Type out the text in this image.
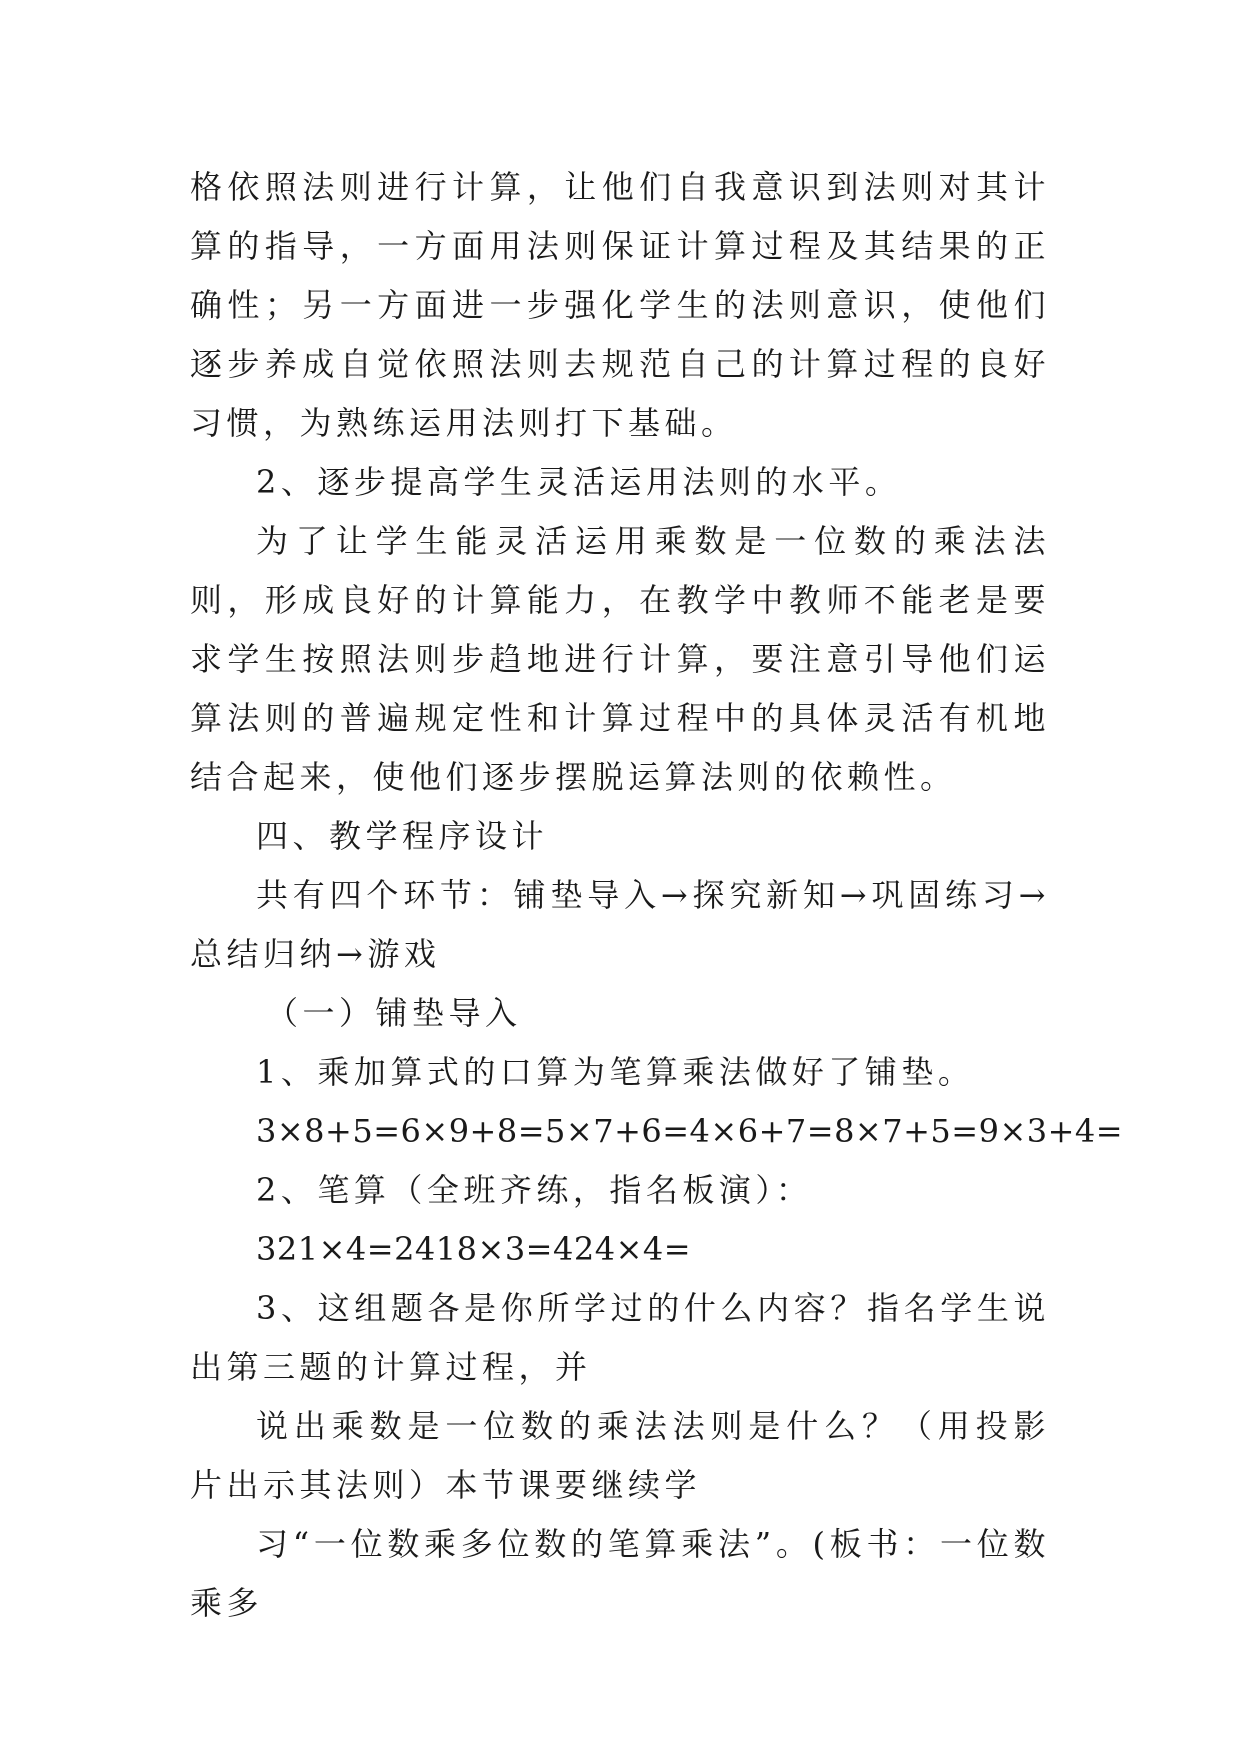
格依照法则进行计算，让他们自我意识到法则对其计算的指导，一方面用法则保证计算过程及其结果的正确性；另一方面进一步强化学生的法则意识，使他们逐步养成自觉依照法则去规范自己的计算过程的良好习惯，为熟练运用法则打下基础。

2、逐步提高学生灵活运用法则的水平。

为了让学生能灵活运用乘数是一位数的乘法法则，形成良好的计算能力，在教学中教师不能老是要求学生按照法则步趋地进行计算，要注意引导他们运算法则的普遍规定性和计算过程中的具体灵活有机地结合起来，使他们逐步摆脱运算法则的依赖性。

四、教学程序设计

共有四个环节：铺垫导入→探究新知→巩固练习→总结归纳→游戏

（一）铺垫导入

1、乘加算式的口算为笔算乘法做好了铺垫。

3×8+5=6×9+8=5×7+6=4×6+7=8×7+5=9×3+4=

2、笔算（全班齐练，指名板演）：

321×4=2418×3=424×4=

3、这组题各是你所学过的什么内容？指名学生说出第三题的计算过程，并

说出乘数是一位数的乘法法则是什么？（用投影片出示其法则）本节课要继续学

习“一位数乘多位数的笔算乘法”。(板书：一位数乘多
